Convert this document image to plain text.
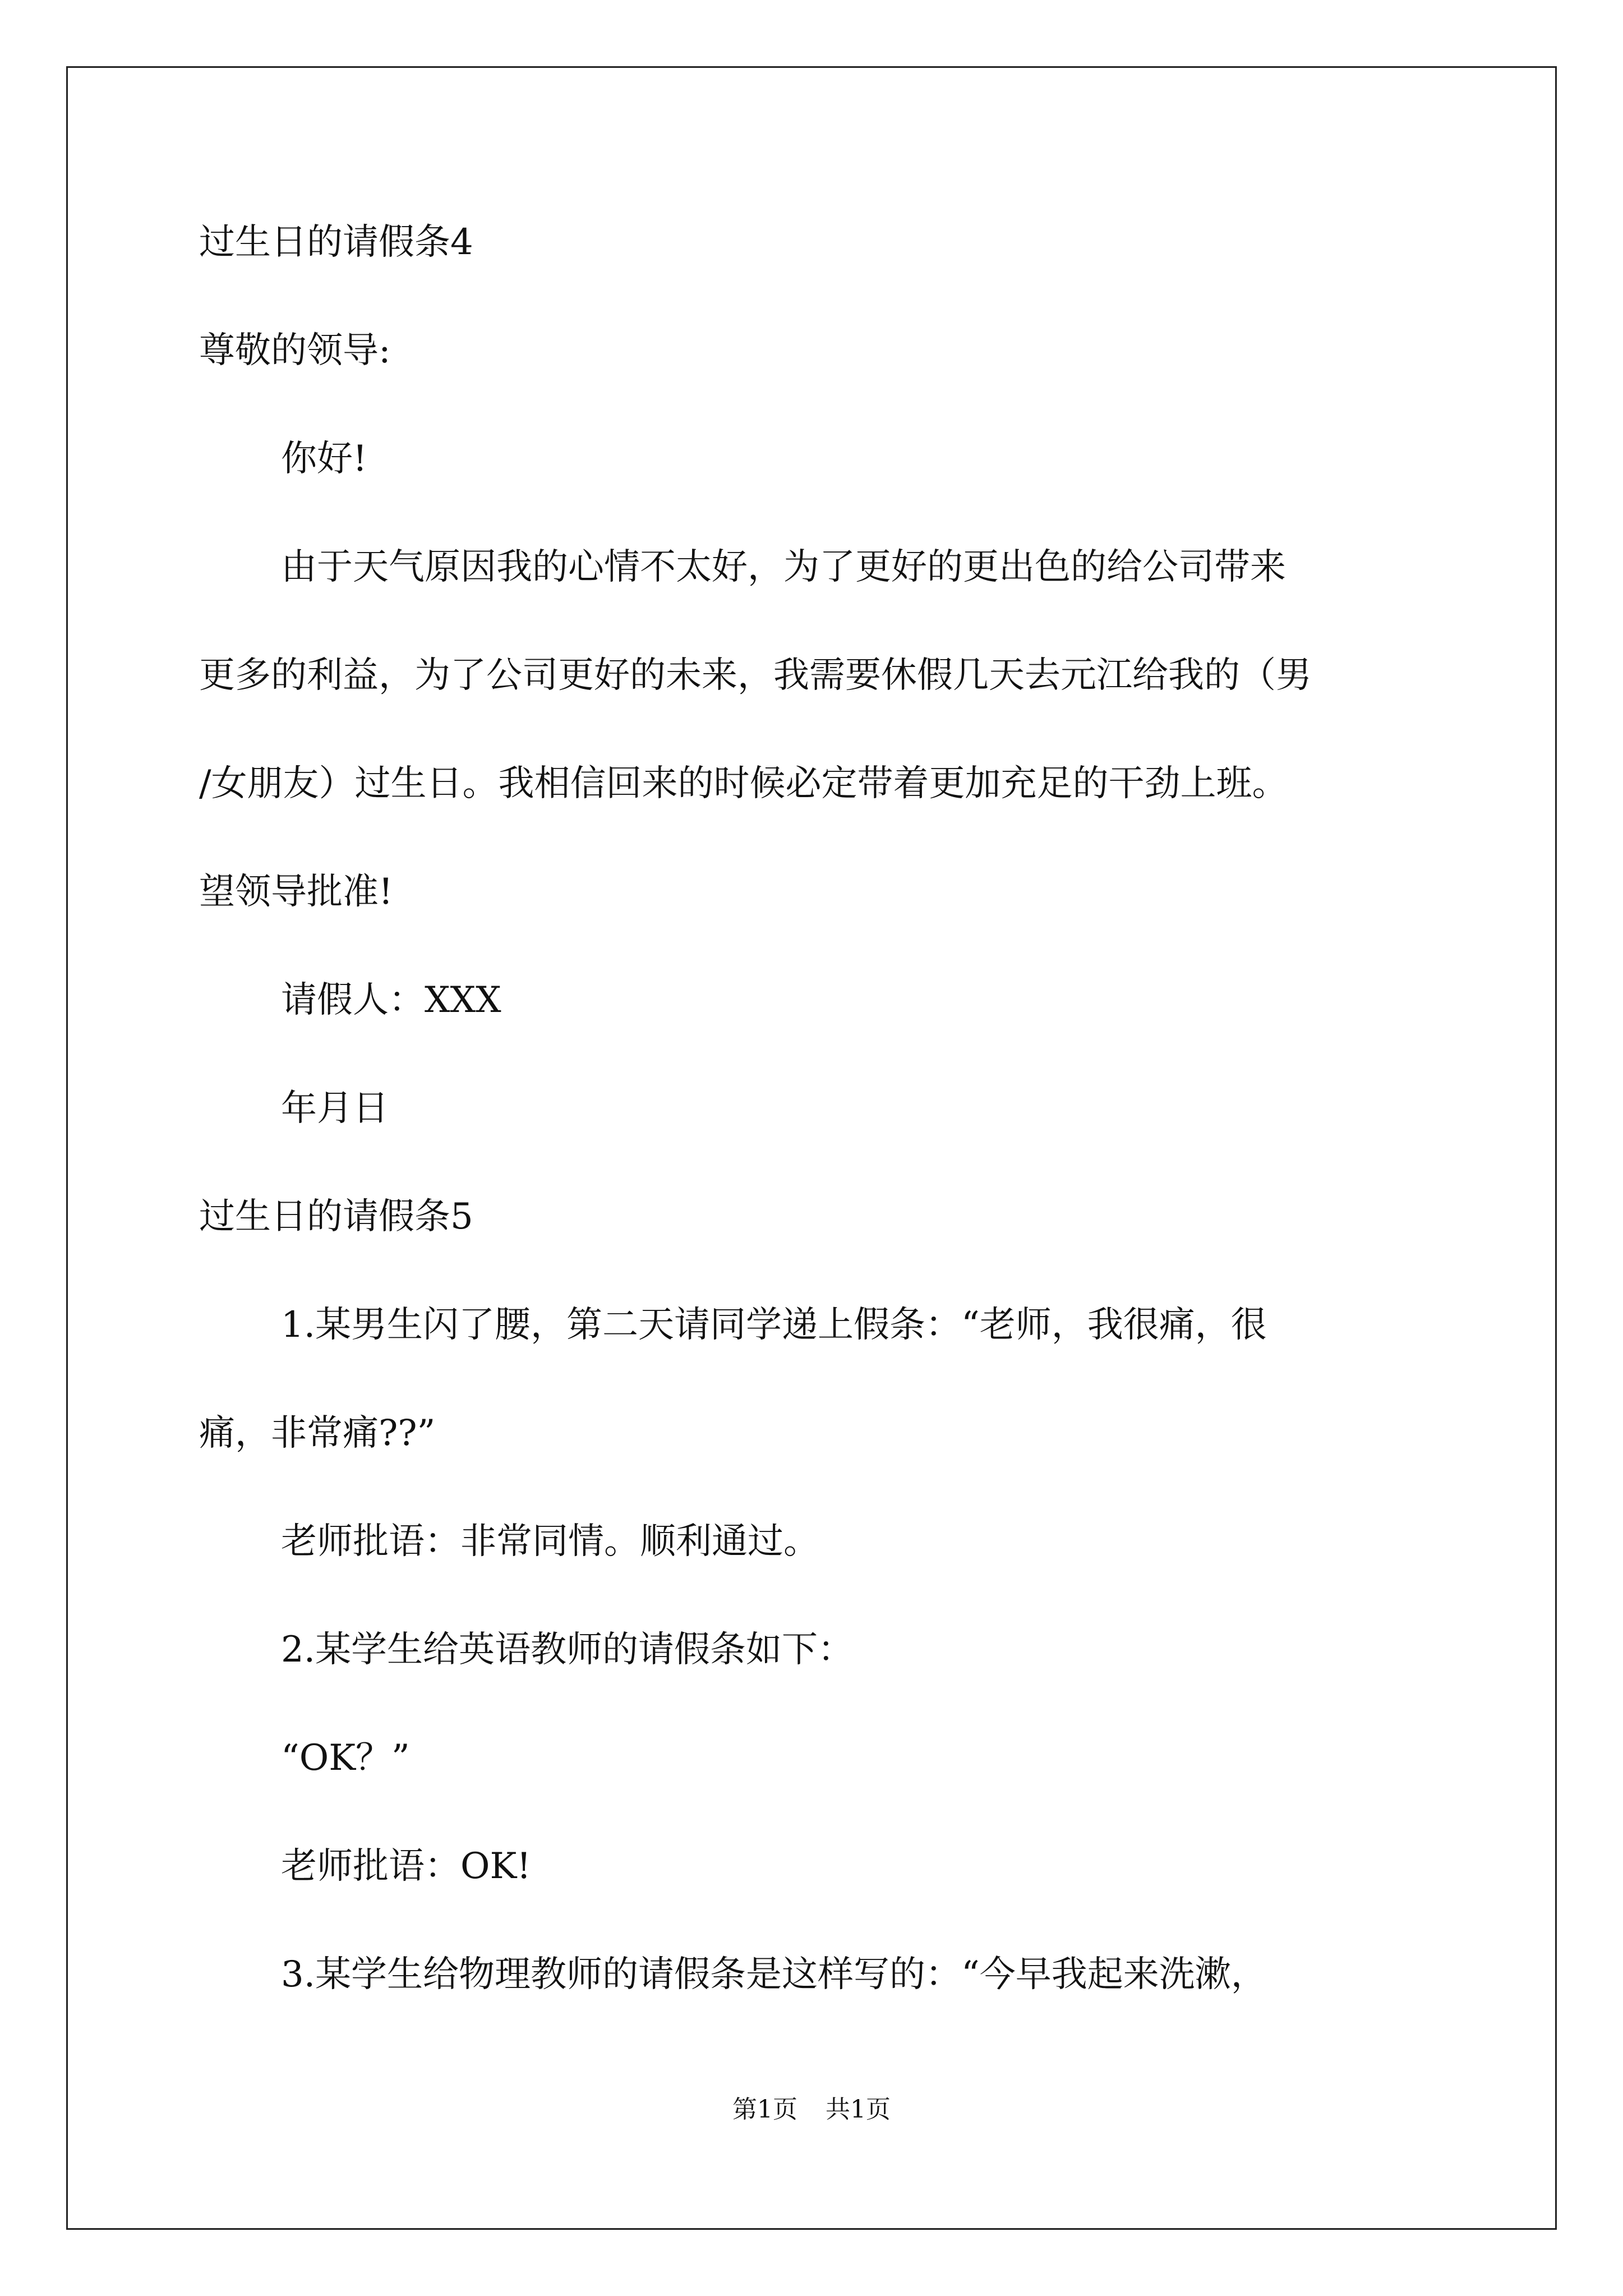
过生日的请假条4

尊敬的领导:

你好!

由于天气原因我的心情不太好，为了更好的更出色的给公司带来

更多的利益，为了公司更好的未来，我需要休假几天去元江给我的（男

/女朋友）过生日。我相信回来的时候必定带着更加充足的干劲上班。

望领导批准!

请假人：XXX

年月日

过生日的请假条5

1.某男生闪了腰，第二天请同学递上假条：“老师，我很痛，很

痛，非常痛??”

老师批语：非常同情。顺利通过。

2.某学生给英语教师的请假条如下：

“OK？”

老师批语：OK!

3.某学生给物理教师的请假条是这样写的：“今早我起来洗漱，

第1页 共1页
